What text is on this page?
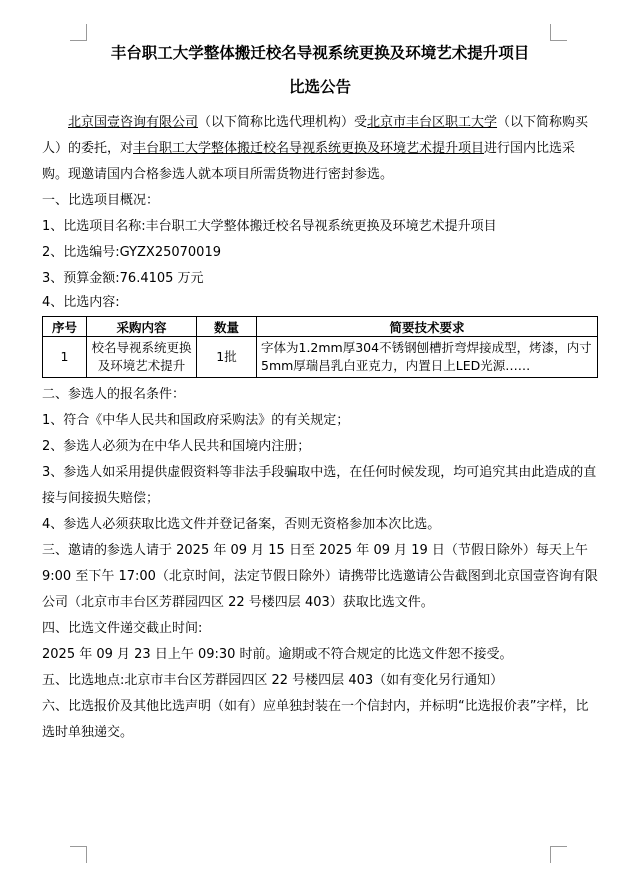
丰台职工大学整体搬迁校名导视系统更换及环境艺术提升项目

比选公告

北京国壹咨询有限公司（以下简称比选代理机构）受北京市丰台区职工大学（以下简称购买人）的委托，对丰台职工大学整体搬迁校名导视系统更换及环境艺术提升项目进行国内比选采购。现邀请国内合格参选人就本项目所需货物进行密封参选。

一、比选项目概况：

1、比选项目名称:丰台职工大学整体搬迁校名导视系统更换及环境艺术提升项目

2、比选编号:GYZX25070019

3、预算金额:76.4105 万元

4、比选内容:

序号	采购内容	数量	简要技术要求
1	校名导视系统更换及环境艺术提升	1批	字体为1.2mm厚304不锈钢刨槽折弯焊接成型，烤漆，内寸5mm厚瑞昌乳白亚克力，内置日上LED光源……

二、参选人的报名条件：

1、符合《中华人民共和国政府采购法》的有关规定；

2、参选人必须为在中华人民共和国境内注册；

3、参选人如采用提供虚假资料等非法手段骗取中选，在任何时候发现，均可追究其由此造成的直接与间接损失赔偿；

4、参选人必须获取比选文件并登记备案，否则无资格参加本次比选。

三、邀请的参选人请于 2025 年 09 月 15 日至 2025 年 09 月 19 日（节假日除外）每天上午 9:00 至下午 17:00（北京时间，法定节假日除外）请携带比选邀请公告截图到北京国壹咨询有限公司（北京市丰台区芳群园四区 22 号楼四层 403）获取比选文件。

四、比选文件递交截止时间:

2025 年 09 月 23 日上午 09:30 时前。逾期或不符合规定的比选文件恕不接受。

五、比选地点:北京市丰台区芳群园四区 22 号楼四层 403（如有变化另行通知）

六、比选报价及其他比选声明（如有）应单独封装在一个信封内，并标明“比选报价表”字样，比选时单独递交。
